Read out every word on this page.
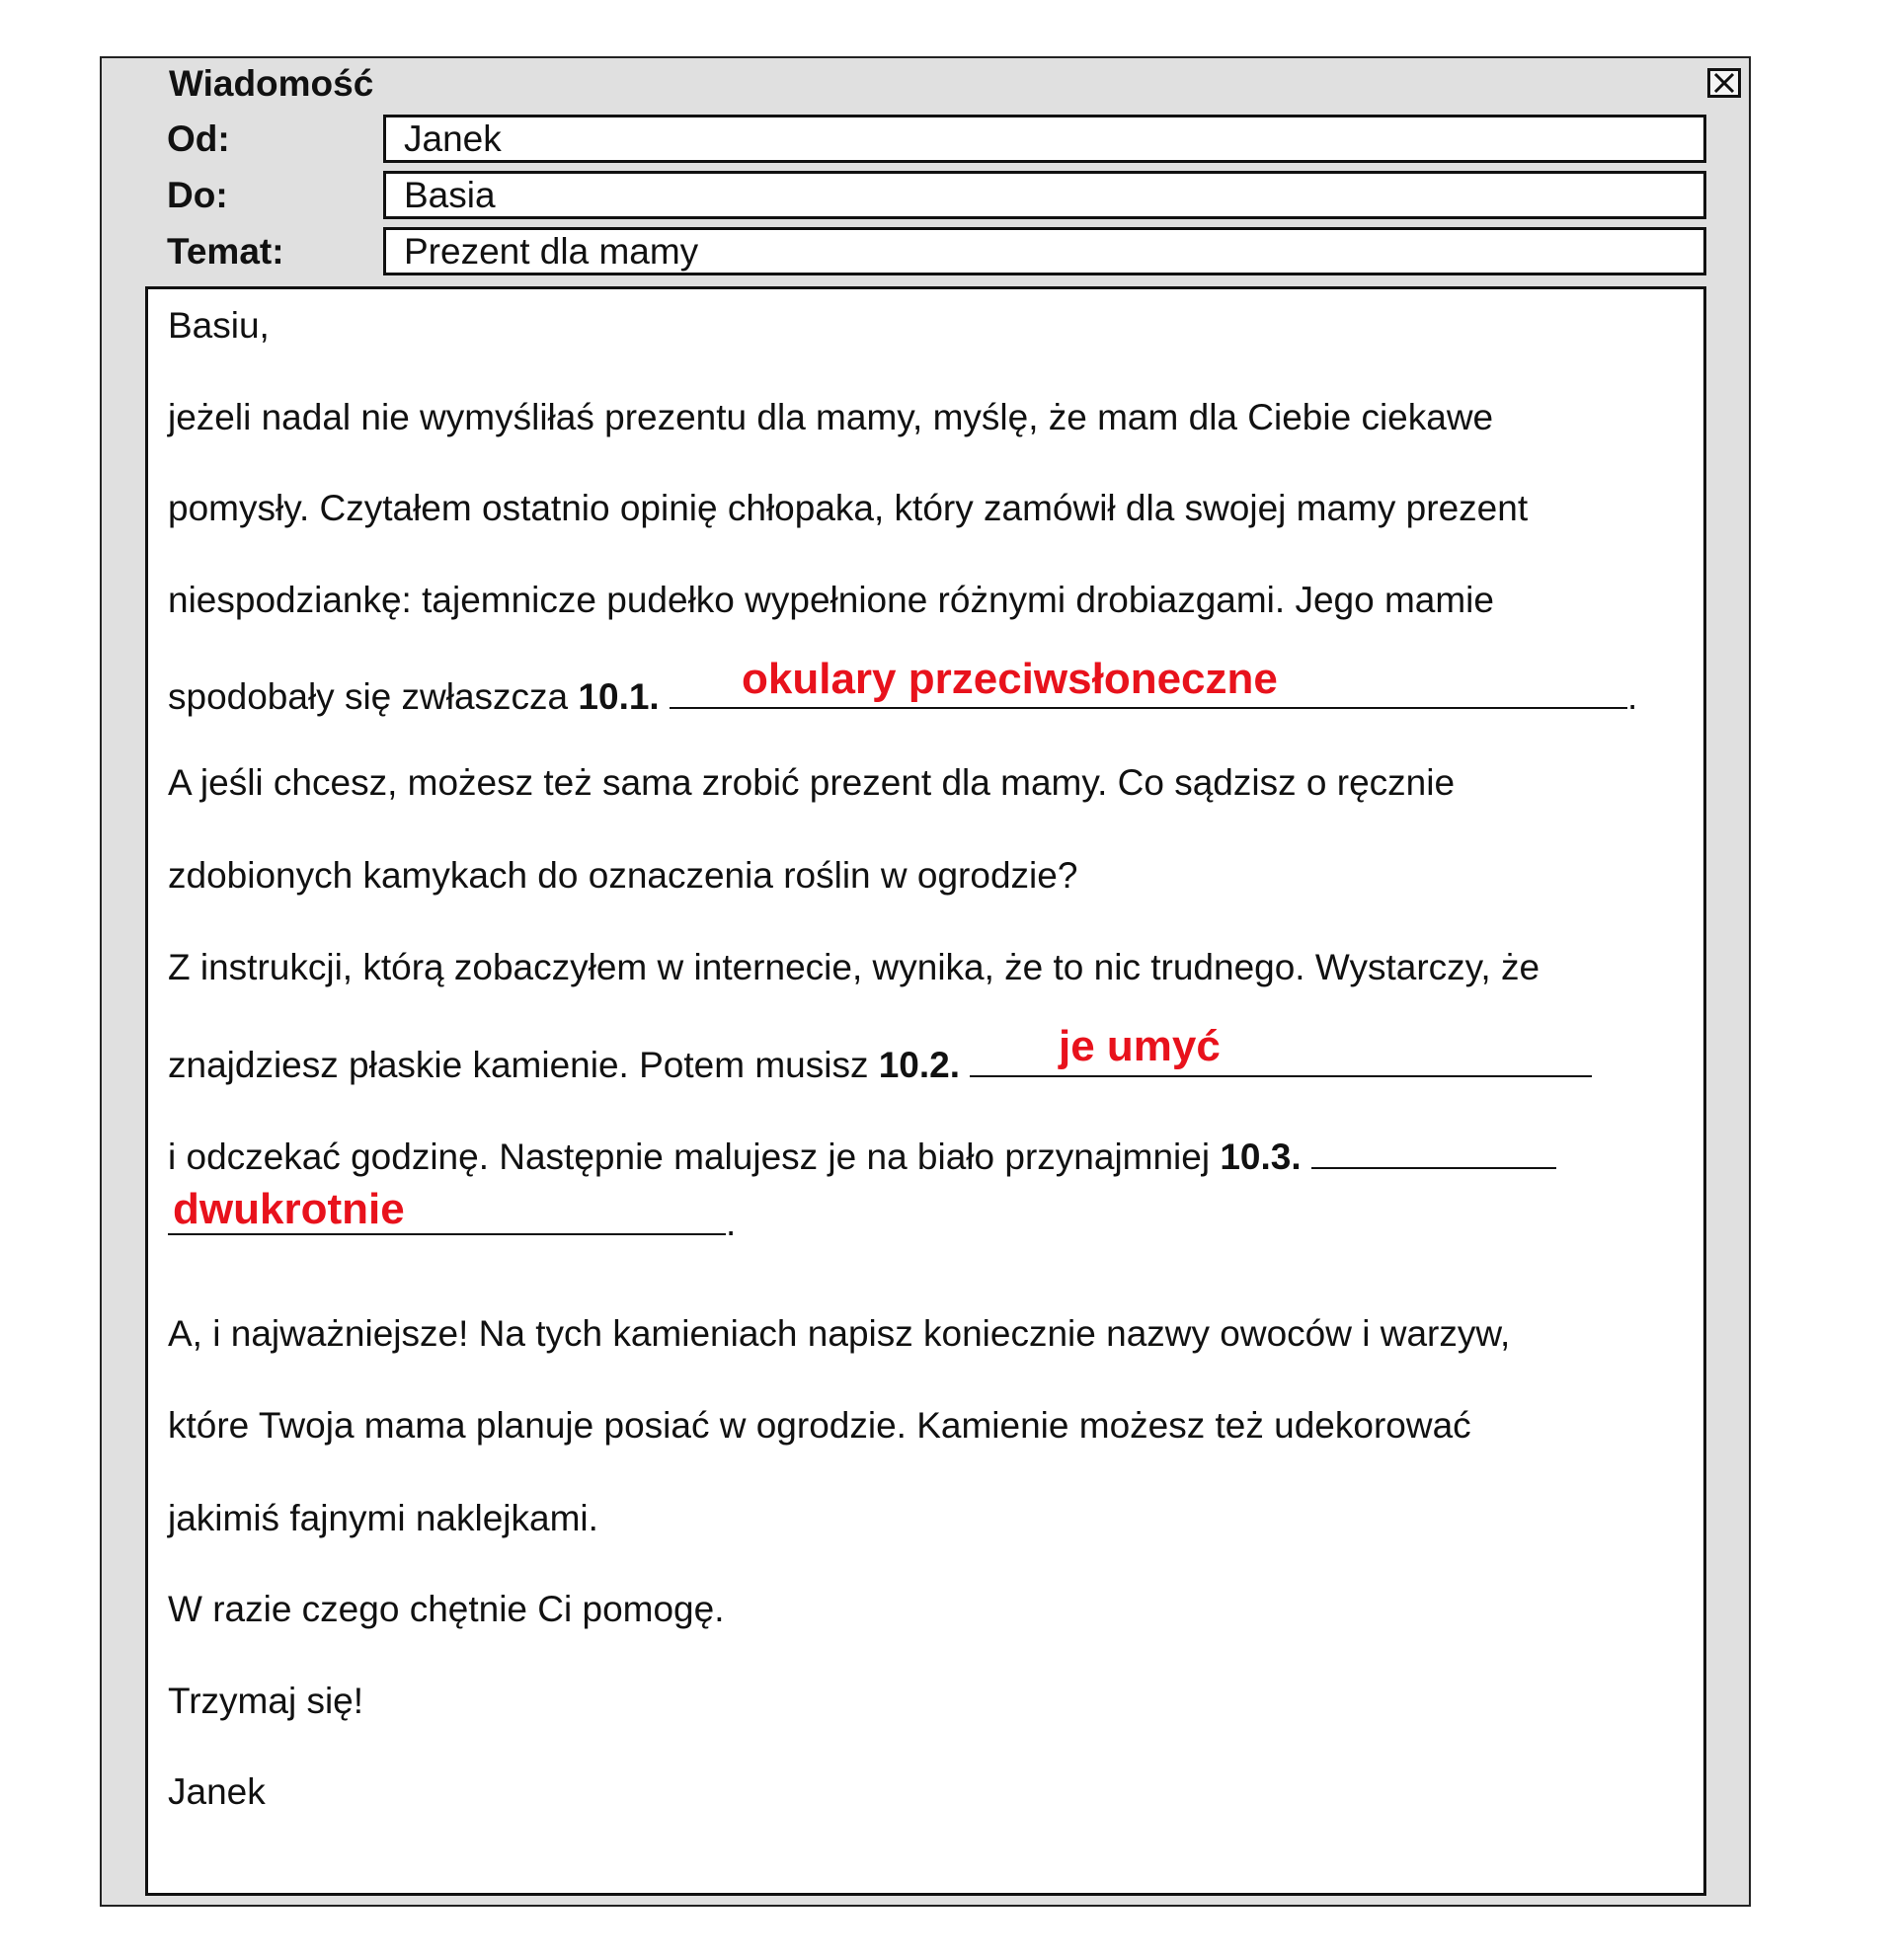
Wiadomość
Od:	Janek
Do:	Basia
Temat:	Prezent dla mamy
Basiu,
jeżeli nadal nie wymyśliłaś prezentu dla mamy, myślę, że mam dla Ciebie ciekawe
pomysły. Czytałem ostatnio opinię chłopaka, który zamówił dla swojej mamy prezent
niespodziankę: tajemnicze pudełko wypełnione różnymi drobiazgami. Jego mamie
spodobały się zwłaszcza 10.1.	.
okulary przeciwsłoneczne
A jeśli chcesz, możesz też sama zrobić prezent dla mamy. Co sądzisz o ręcznie
zdobionych kamykach do oznaczenia roślin w ogrodzie?
Z instrukcji, którą zobaczyłem w internecie, wynika, że to nic trudnego. Wystarczy, że
znajdziesz płaskie kamienie. Potem musisz 10.2.	je umyć
i odczekać godzinę. Następnie malujesz je na biało przynajmniej 10.3.
dwukrotnie	.
A, i najważniejsze! Na tych kamieniach napisz koniecznie nazwy owoców i warzyw,
które Twoja mama planuje posiać w ogrodzie. Kamienie możesz też udekorować
jakimiś fajnymi naklejkami.
W razie czego chętnie Ci pomogę.
Trzymaj się!
Janek
